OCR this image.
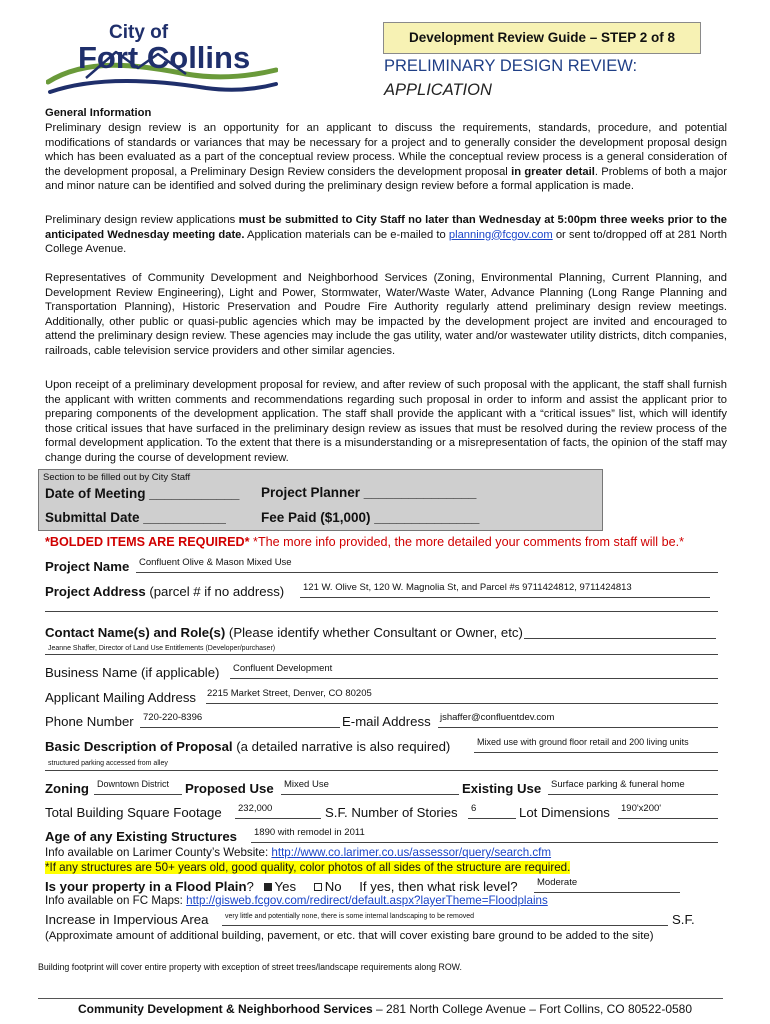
City of
Fort Collins
Development Review Guide – STEP 2 of 8
PRELIMINARY DESIGN REVIEW:
APPLICATION
General Information
Preliminary design review is an opportunity for an applicant to discuss the requirements, standards, procedure, and potential modifications of standards or variances that may be necessary for a project and to generally consider the development proposal design which has been evaluated as a part of the conceptual review process. While the conceptual review process is a general consideration of the development proposal, a Preliminary Design Review considers the development proposal in greater detail. Problems of both a major and minor nature can be identified and solved during the preliminary design review before a formal application is made.
Preliminary design review applications must be submitted to City Staff no later than Wednesday at 5:00pm three weeks prior to the anticipated Wednesday meeting date. Application materials can be e-mailed to planning@fcgov.com or sent to/dropped off at 281 North College Avenue.
Representatives of Community Development and Neighborhood Services (Zoning, Environmental Planning, Current Planning, and Development Review Engineering), Light and Power, Stormwater, Water/Waste Water, Advance Planning (Long Range Planning and Transportation Planning), Historic Preservation and Poudre Fire Authority regularly attend preliminary design review meetings. Additionally, other public or quasi-public agencies which may be impacted by the development project are invited and encouraged to attend the preliminary design review. These agencies may include the gas utility, water and/or wastewater utility districts, ditch companies, railroads, cable television service providers and other similar agencies.
Upon receipt of a preliminary development proposal for review, and after review of such proposal with the applicant, the staff shall furnish the applicant with written comments and recommendations regarding such proposal in order to inform and assist the applicant prior to preparing components of the development application. The staff shall provide the applicant with a “critical issues” list, which will identify those critical issues that have surfaced in the preliminary design review as issues that must be resolved during the review process of the formal development application. To the extent that there is a misunderstanding or a misrepresentation of facts, the opinion of the staff may change during the course of development review.
Section to be filled out by City Staff
Date of Meeting ____________ Project Planner _______________
Submittal Date ___________	Fee Paid ($1,000) ______________
*BOLDED ITEMS ARE REQUIRED* *The more info provided, the more detailed your comments from staff will be.*
Project Name Confluent Olive & Mason Mixed Use
Project Address (parcel # if no address) 121 W. Olive St, 120 W. Magnolia St, and Parcel #s 9711424812, 9711424813
Contact Name(s) and Role(s) (Please identify whether Consultant or Owner, etc)
Jeanne Shaffer, Director of Land Use Entitlements (Developer/purchaser)
Business Name (if applicable) Confluent Development
Applicant Mailing Address 2215 Market Street, Denver, CO 80205
Phone Number 720-220-8396	E-mail Address jshaffer@confluentdev.com
Basic Description of Proposal (a detailed narrative is also required)	Mixed use with ground floor retail and 200 living units
structured parking accessed from alley
Zoning Downtown District Proposed Use Mixed Use	Existing Use Surface parking & funeral home
Total Building Square Footage 232,000	S.F. Number of Stories 6	Lot Dimensions 190'x200'
Age of any Existing Structures 1890 with remodel in 2011
Info available on Larimer County’s Website: http://www.co.larimer.co.us/assessor/query/search.cfm
*If any structures are 50+ years old, good quality, color photos of all sides of the structure are required.
Is your property in a Flood Plain? Yes No If yes, then what risk level? Moderate
Info available on FC Maps: http://gisweb.fcgov.com/redirect/default.aspx?layerTheme=Floodplains
Increase in Impervious Area very little and potentially none, there is some internal landscaping to be removed	S.F.
(Approximate amount of additional building, pavement, or etc. that will cover existing bare ground to be added to the site)
Building footprint will cover entire property with exception of street trees/landscape requirements along ROW.
Community Development & Neighborhood Services – 281 North College Avenue – Fort Collins, CO 80522-0580
